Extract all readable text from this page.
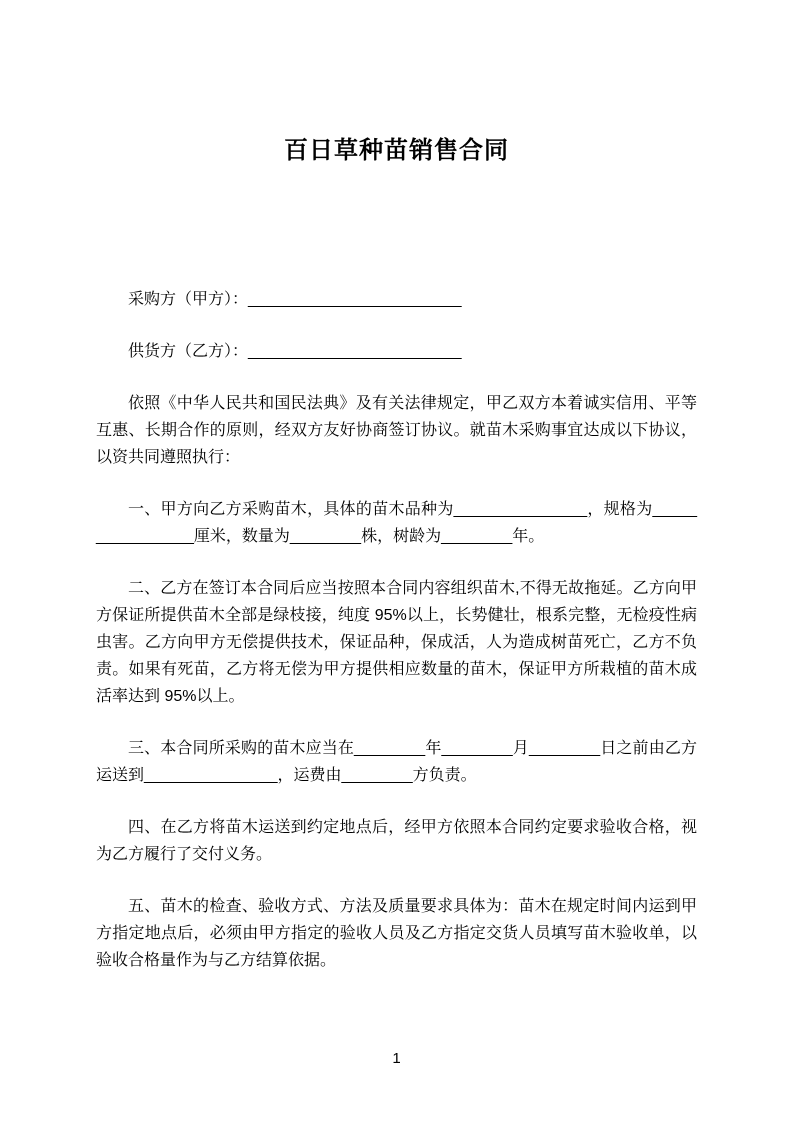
百日草种苗销售合同

采购方（甲方）：________________________

供货方（乙方）：________________________

依照《中华人民共和国民法典》及有关法律规定，甲乙双方本着诚实信用、平等互惠、长期合作的原则，经双方友好协商签订协议。就苗木采购事宜达成以下协议，以资共同遵照执行：

一、甲方向乙方采购苗木，具体的苗木品种为_______________，规格为________________厘米，数量为________株，树龄为________年。

二、乙方在签订本合同后应当按照本合同内容组织苗木,不得无故拖延。乙方向甲方保证所提供苗木全部是绿枝接，纯度 95%以上，长势健壮，根系完整，无检疫性病虫害。乙方向甲方无偿提供技术，保证品种，保成活，人为造成树苗死亡，乙方不负责。如果有死苗，乙方将无偿为甲方提供相应数量的苗木，保证甲方所栽植的苗木成活率达到 95%以上。

三、本合同所采购的苗木应当在________年________月________日之前由乙方运送到_______________，运费由________方负责。

四、在乙方将苗木运送到约定地点后，经甲方依照本合同约定要求验收合格，视为乙方履行了交付义务。

五、苗木的检查、验收方式、方法及质量要求具体为：苗木在规定时间内运到甲方指定地点后，必须由甲方指定的验收人员及乙方指定交货人员填写苗木验收单，以验收合格量作为与乙方结算依据。

1
